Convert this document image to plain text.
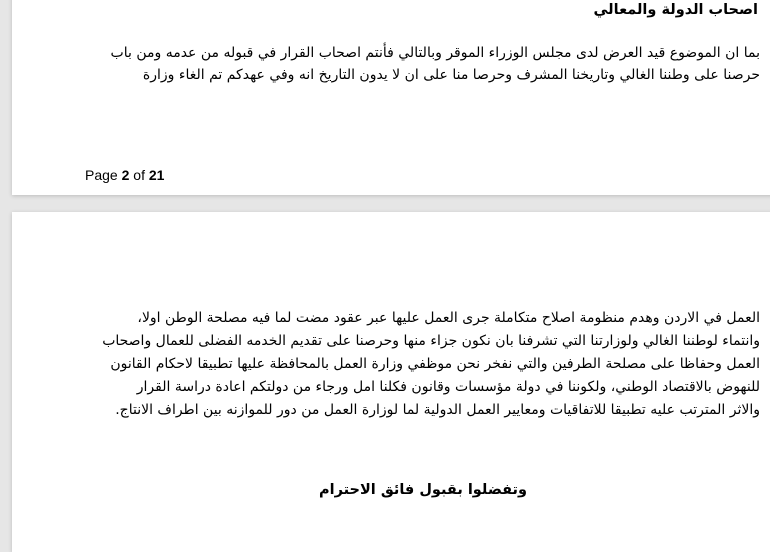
اصحاب الدولة والمعالي
بما ان الموضوع قيد العرض لدى مجلس الوزراء الموقر وبالتالي فأنتم اصحاب القرار في قبوله من عدمه ومن باب
حرصنا على وطننا الغالي وتاريخنا المشرف وحرصا منا على ان لا يدون التاريخ انه وفي عهدكم تم الغاء وزارة
Page 2 of 21
العمل في الاردن وهدم منظومة اصلاح متكاملة جرى العمل عليها عبر عقود مضت لما فيه مصلحة الوطن اولا،
وانتماء لوطننا الغالي ولوزارتنا التي تشرفنا بان نكون جزاء منها وحرصنا على تقديم الخدمه الفضلى للعمال واصحاب
العمل وحفاظا على مصلحة الطرفين والتي نفخر نحن موظفي وزارة العمل بالمحافظة عليها تطبيقا لاحكام القانون
للنهوض بالاقتصاد الوطني، ولكوننا في دولة مؤسسات وقانون فكلنا امل ورجاء من دولتكم اعادة دراسة القرار
والاثر المترتب عليه تطبيقا للاتفاقيات ومعايير العمل الدولية لما لوزارة العمل من دور للموازنه بين اطراف الانتاج.
وتفضلوا بقبول فائق الاحترام
